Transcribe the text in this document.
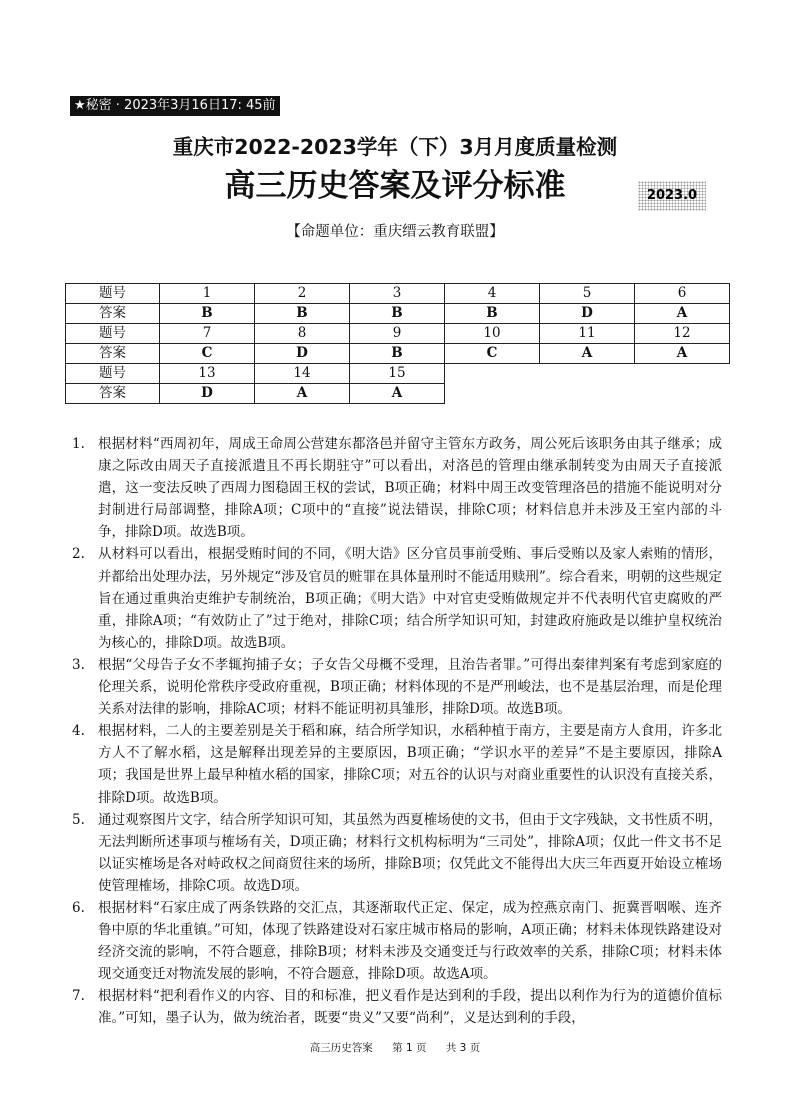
★秘密 · 2023年3月16日17: 45前
重庆市2022-2023学年（下）3月月度质量检测
高三历史答案及评分标准	2023.0
【命题单位：重庆缙云教育联盟】
题号	1	2	3	4	5	6
答案	B	B	B	B	D	A
题号	7	8	9	10	11	12
答案	C	D	B	C	A	A
题号	13	14	15			
答案	D	A	A			
1. 根据材料“西周初年，周成王命周公营建东都洛邑并留守主管东方政务，周公死后该职务由其子继承；成康之际改由周天子直接派遣且不再长期驻守”可以看出，对洛邑的管理由继承制转变为由周天子直接派遣，这一变法反映了西周力图稳固王权的尝试，B项正确；材料中周王改变管理洛邑的措施不能说明对分封制进行局部调整，排除A项；C项中的“直接”说法错误，排除C项；材料信息并未涉及王室内部的斗争，排除D项。故选B项。
2. 从材料可以看出，根据受贿时间的不同，《明大诰》区分官员事前受贿、事后受贿以及家人索贿的情形，并都给出处理办法，另外规定“涉及官员的赃罪在具体量刑时不能适用赎刑”。综合看来，明朝的这些规定旨在通过重典治吏维护专制统治，B项正确；《明大诰》中对官吏受贿做规定并不代表明代官吏腐败的严重，排除A项；“有效防止了”过于绝对，排除C项；结合所学知识可知，封建政府施政是以维护皇权统治为核心的，排除D项。故选B项。
3. 根据“父母告子女不孝辄拘捕子女；子女告父母概不受理，且治告者罪。”可得出秦律判案有考虑到家庭的伦理关系，说明伦常秩序受政府重视，B项正确；材料体现的不是严刑峻法，也不是基层治理，而是伦理关系对法律的影响，排除AC项；材料不能证明初具雏形，排除D项。故选B项。
4. 根据材料，二人的主要差别是关于稻和麻，结合所学知识，水稻种植于南方，主要是南方人食用，许多北方人不了解水稻，这是解释出现差异的主要原因，B项正确；“学识水平的差异”不是主要原因，排除A项；我国是世界上最早种植水稻的国家，排除C项；对五谷的认识与对商业重要性的认识没有直接关系，排除D项。故选B项。
5. 通过观察图片文字，结合所学知识可知，其虽然为西夏榷场使的文书，但由于文字残缺，文书性质不明，无法判断所述事项与榷场有关，D项正确；材料行文机构标明为“三司处”，排除A项；仅此一件文书不足以证实榷场是各对峙政权之间商贸往来的场所，排除B项；仅凭此文不能得出大庆三年西夏开始设立榷场使管理榷场，排除C项。故选D项。
6. 根据材料“石家庄成了两条铁路的交汇点，其逐渐取代正定、保定，成为控燕京南门、扼冀晋咽喉、连齐鲁中原的华北重镇。”可知，体现了铁路建设对石家庄城市格局的影响，A项正确；材料未体现铁路建设对经济交流的影响，不符合题意，排除B项；材料未涉及交通变迁与行政效率的关系，排除C项；材料未体现交通变迁对物流发展的影响，不符合题意，排除D项。故选A项。
7. 根据材料“把利看作义的内容、目的和标准，把义看作是达到利的手段，提出以利作为行为的道德价值标准。”可知，墨子认为，做为统治者，既要“贵义”又要“尚利”，义是达到利的手段，
高三历史答案 第 1 页 共 3 页
